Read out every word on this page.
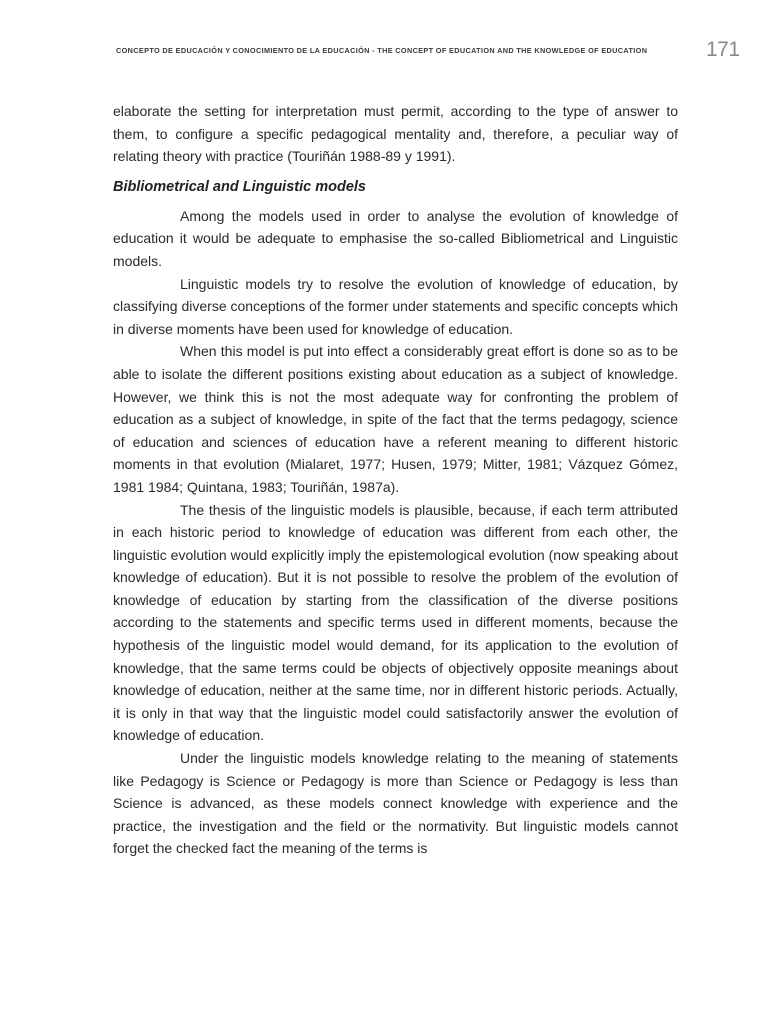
CONCEPTO DE EDUCACIÓN Y CONOCIMIENTO DE LA EDUCACIÓN - THE CONCEPT OF EDUCATION AND THE KNOWLEDGE OF EDUCATION	171

elaborate the setting for interpretation must permit, according to the type of answer to them, to configure a specific pedagogical mentality and, therefore, a peculiar way of relating theory with practice (Touriñán 1988-89 y 1991).

Bibliometrical and Linguistic models

Among the models used in order to analyse the evolution of knowledge of education it would be adequate to emphasise the so-called Bibliometrical and Linguistic models.

Linguistic models try to resolve the evolution of knowledge of education, by classifying diverse conceptions of the former under statements and specific concepts which in diverse moments have been used for knowledge of education.

When this model is put into effect a considerably great effort is done so as to be able to isolate the different positions existing about education as a subject of knowledge. However, we think this is not the most adequate way for confronting the problem of education as a subject of knowledge, in spite of the fact that the terms pedagogy, science of education and sciences of education have a referent meaning to different historic moments in that evolution (Mialaret, 1977; Husen, 1979; Mitter, 1981; Vázquez Gómez, 1981 1984; Quintana, 1983; Touriñán, 1987a).

The thesis of the linguistic models is plausible, because, if each term attributed in each historic period to knowledge of education was different from each other, the linguistic evolution would explicitly imply the epistemological evolution (now speaking about knowledge of education). But it is not possible to resolve the problem of the evolution of knowledge of education by starting from the classification of the diverse positions according to the statements and specific terms used in different moments, because the hypothesis of the linguistic model would demand, for its application to the evolution of knowledge, that the same terms could be objects of objectively opposite meanings about knowledge of education, neither at the same time, nor in different historic periods. Actually, it is only in that way that the linguistic model could satisfactorily answer the evolution of knowledge of education.

Under the linguistic models knowledge relating to the meaning of statements like Pedagogy is Science or Pedagogy is more than Science or Pedagogy is less than Science is advanced, as these models connect knowledge with experience and the practice, the investigation and the field or the normativity. But linguistic models cannot forget the checked fact the meaning of the terms is
